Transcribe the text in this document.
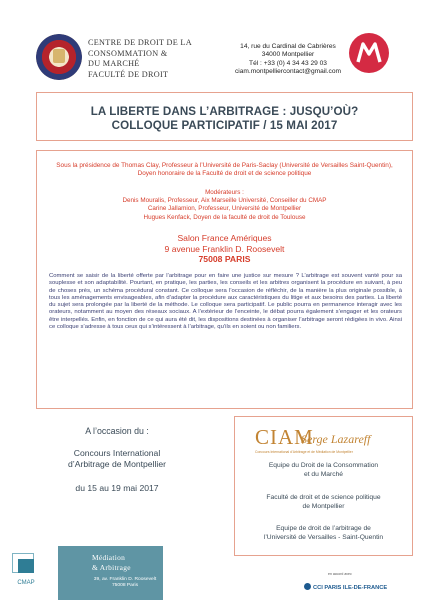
CENTRE DE DROIT DE LA
CONSOMMATION &
DU MARCHÉ
FACULTÉ DE DROIT
14, rue du Cardinal de Cabrières
34000 Montpellier
Tél : +33 (0) 4 34 43 29 03
ciam.montpelliercontact@gmail.com
LA LIBERTE DANS L’ARBITRAGE : JUSQU’OÙ?
COLLOQUE PARTICIPATIF / 15 MAI 2017
Sous la présidence de Thomas Clay, Professeur à l’Université de Paris-Saclay (Université de Versailles Saint-Quentin), Doyen honoraire de la Faculté de droit et de science politique
Modérateurs :
Denis Mouralis, Professeur, Aix Marseille Université, Conseiller du CMAP
Carine Jallamion, Professeur, Université de Montpellier
Hugues Kenfack, Doyen de la faculté de droit de Toulouse
Salon France Amériques
9 avenue Franklin D. Roosevelt
75008 PARIS
Comment se saisir de la liberté offerte par l’arbitrage pour en faire une justice sur mesure ? L’arbitrage est souvent vanté pour sa souplesse et son adaptabilité. Pourtant, en pratique, les parties, les conseils et les arbitres organisent la procédure en suivant, à peu de choses près, un schéma procédural constant. Ce colloque sera l’occasion de réfléchir, de la manière la plus originale possible, à tous les aménagements envisageables, afin d’adapter la procédure aux caractéristiques du litige et aux besoins des parties. La liberté du sujet sera prolongée par la liberté de la méthode. Le colloque sera participatif. Le public pourra en permanence interagir avec les orateurs, notamment au moyen des réseaux sociaux. A l’extérieur de l’enceinte, le débat pourra également s’engager et les orateurs être interpellés. Enfin, en fonction de ce qui aura été dit, les dispositions destinées à organiser l’arbitrage seront rédigées in vivo. Ainsi ce colloque s’adresse à tous ceux qui s’intéressent à l’arbitrage, qu’ils en soient ou non familiers.
A l’occasion du :
Concours International
d’Arbitrage de Montpellier
du 15 au 19 mai 2017
CIAM
Serge Lazareff
Concours International d’Arbitrage et de Médiation de Montpellier
Equipe du Droit de la Consommation
et du Marché
Faculté de droit et de science politique
de Montpellier
Equipe de droit de l’arbitrage de
l’Université de Versailles - Saint-Quentin
CMAP
Médiation
& Arbitrage
39, av. Franklin D. Roosevelt
75008 Paris
en accord avec
CCI PARIS ILE-DE-FRANCE
